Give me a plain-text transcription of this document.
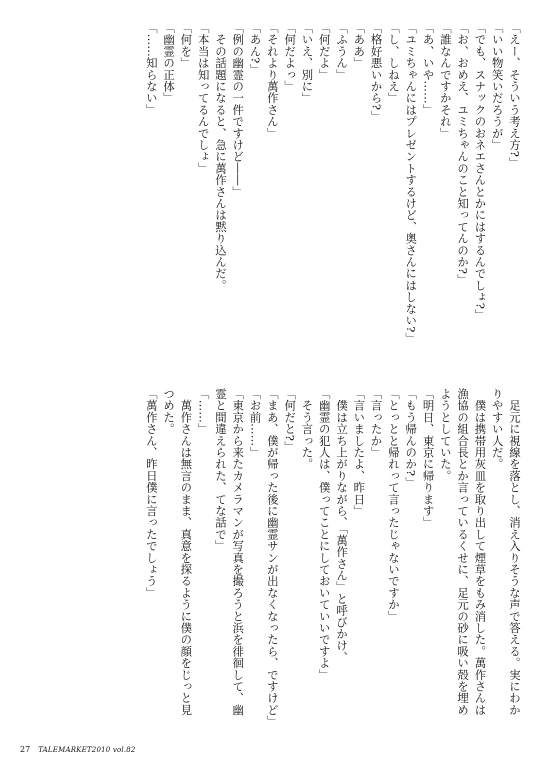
「えー、そういう考え方?」
「いい物笑いだろうが」
「でも、スナックのおネエさんとかにはするんでしょ?」
「お、おめえ、ユミちゃんのこと知ってんのか?」
「誰なんですかそれ」
「あ、いや……」
「ユミちゃんにはプレゼントするけど、奥さんにはしない?」
「し、しねえ」
「格好悪いから?」
「ああ」
「ふうん」
「何だよ」
「いえ、別に」
「何だよっ」
「それより萬作さん」
「あん?」
「例の幽霊の一件ですけど――」
　その話題になると、急に萬作さんは黙り込んだ。
「本当は知ってるんでしょ」
「何を」
「幽霊の正体」
「……知らない」
　足元に視線を落とし、消え入りそうな声で答える。実にわか
りやすい人だ。
　僕は携帯用灰皿を取り出して煙草をもみ消した。萬作さんは
漁協の組合長とか言っているくせに、足元の砂に吸い殻を埋め
ようとしていた。
「明日、東京に帰ります」
「もう帰んのか?」
「とっとと帰れって言ったじゃないですか」
「言ったか」
「言いましたよ、昨日」
　僕は立ち上がりながら、「萬作さん」と呼びかけ、
「幽霊の犯人は、僕ってことにしておいていいですよ」
　そう言った。
「何だと?」
「まあ、僕が帰った後に幽霊サンが出なくなったら、ですけど」
「お前……」
「東京から来たカメラマンが写真を撮ろうと浜を徘徊して、幽
霊と間違えられた、てな話で」
「……」
　萬作さんは無言のまま、真意を探るように僕の顔をじっと見
つめた。
「萬作さん、昨日僕に言ったでしょう」
27 TALEMARKET2010 vol.82
